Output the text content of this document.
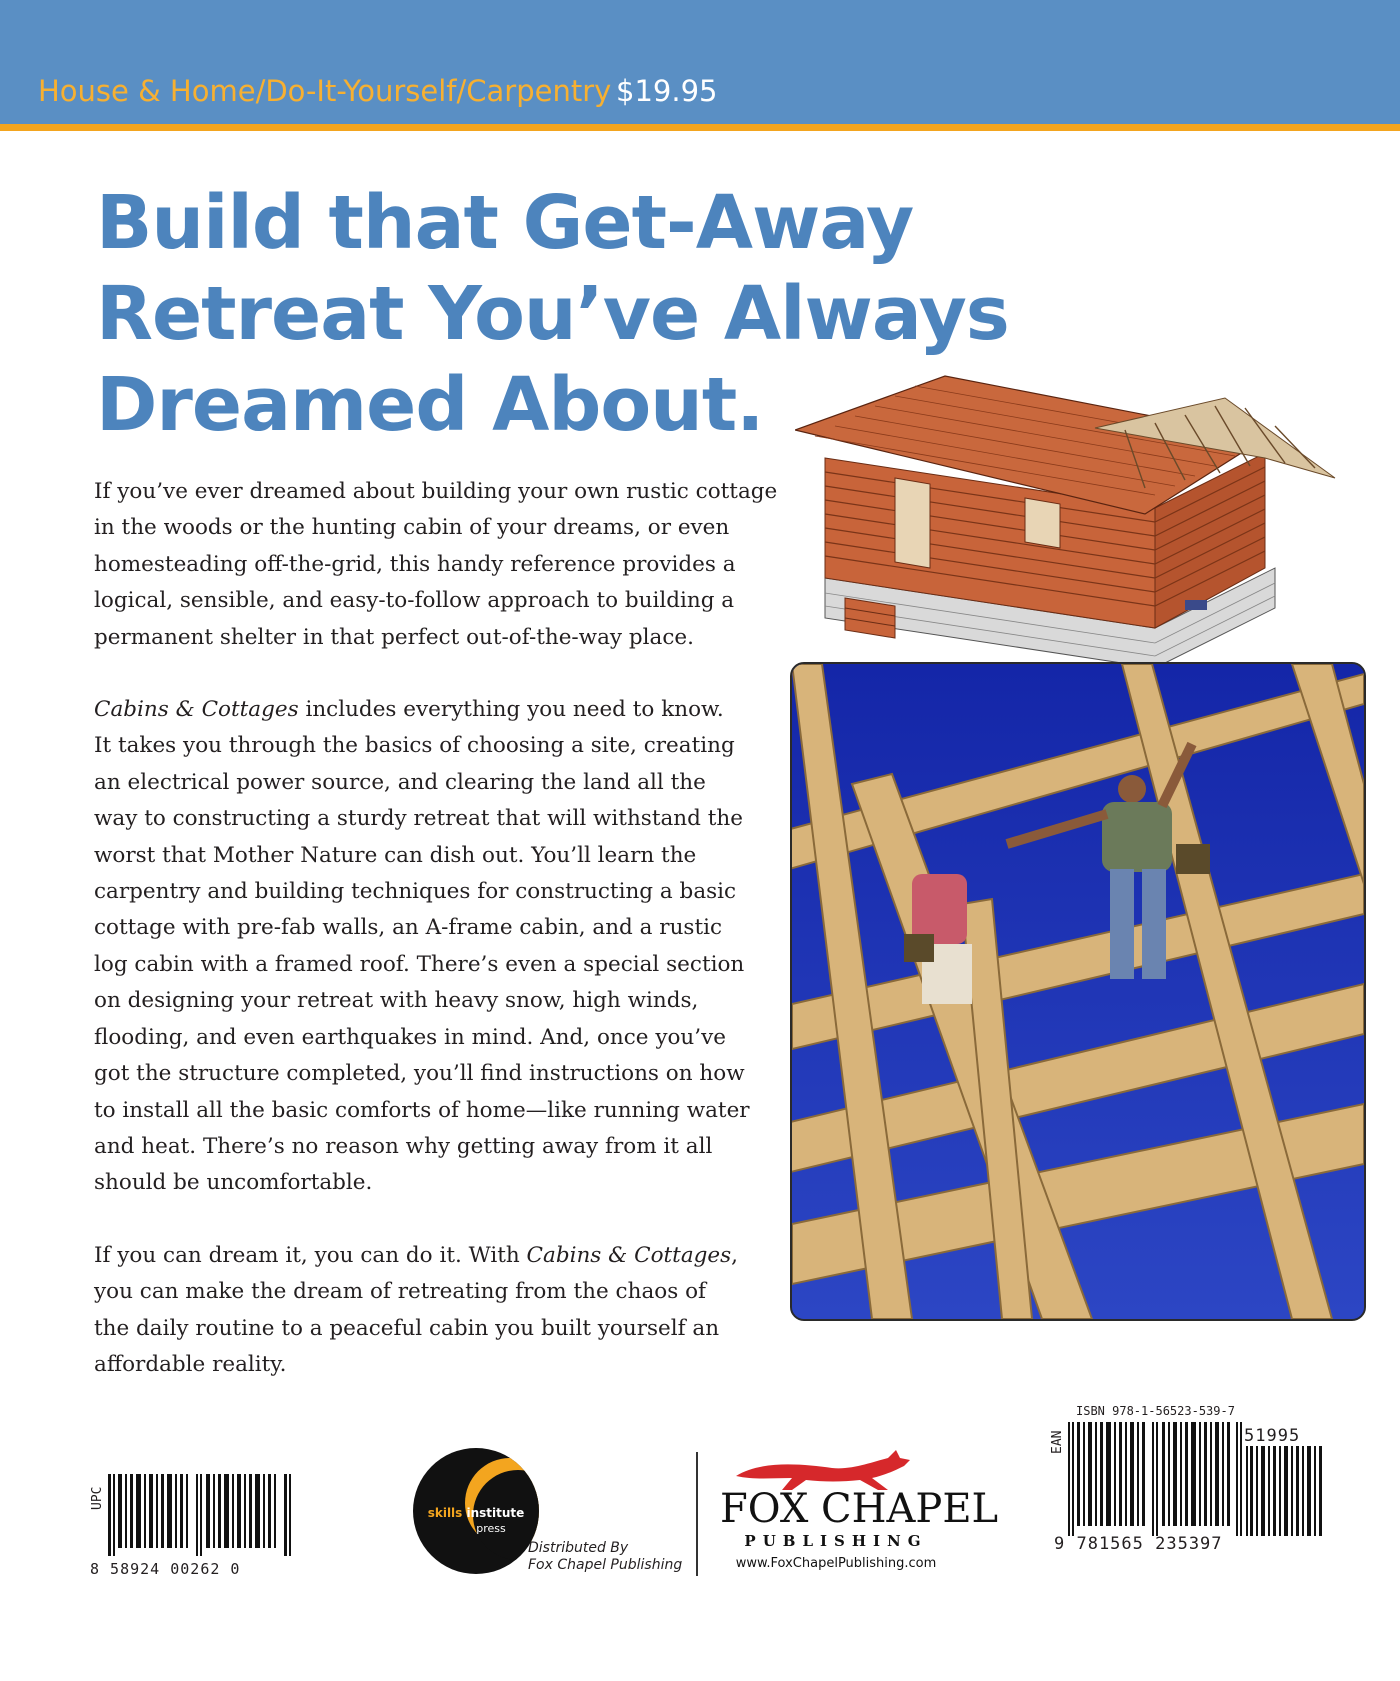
House & Home/Do-It-Yourself/Carpentry $19.95
Build that Get-Away
Retreat You’ve Always
Dreamed About.

If you’ve ever dreamed about building your own rustic cottage
in the woods or the hunting cabin of your dreams, or even
homesteading off-the-grid, this handy reference provides a
logical, sensible, and easy-to-follow approach to building a
permanent shelter in that perfect out-of-the-way place.

Cabins & Cottages includes everything you need to know.
It takes you through the basics of choosing a site, creating
an electrical power source, and clearing the land all the
way to constructing a sturdy retreat that will withstand the
worst that Mother Nature can dish out. You’ll learn the
carpentry and building techniques for constructing a basic
cottage with pre-fab walls, an A-frame cabin, and a rustic
log cabin with a framed roof. There’s even a special section
on designing your retreat with heavy snow, high winds,
flooding, and even earthquakes in mind. And, once you’ve
got the structure completed, you’ll find instructions on how
to install all the basic comforts of home—like running water
and heat. There’s no reason why getting away from it all
should be uncomfortable.

If you can dream it, you can do it. With Cabins & Cottages,
you can make the dream of retreating from the chaos of
the daily routine to a peaceful cabin you built yourself an
affordable reality.

UPC
8 58924 00262 0
skills institute
press
Distributed By
Fox Chapel Publishing
FOX CHAPEL
PUBLISHING
www.FoxChapelPublishing.com
ISBN 978-1-56523-539-7
EAN	51995
9 781565 235397
